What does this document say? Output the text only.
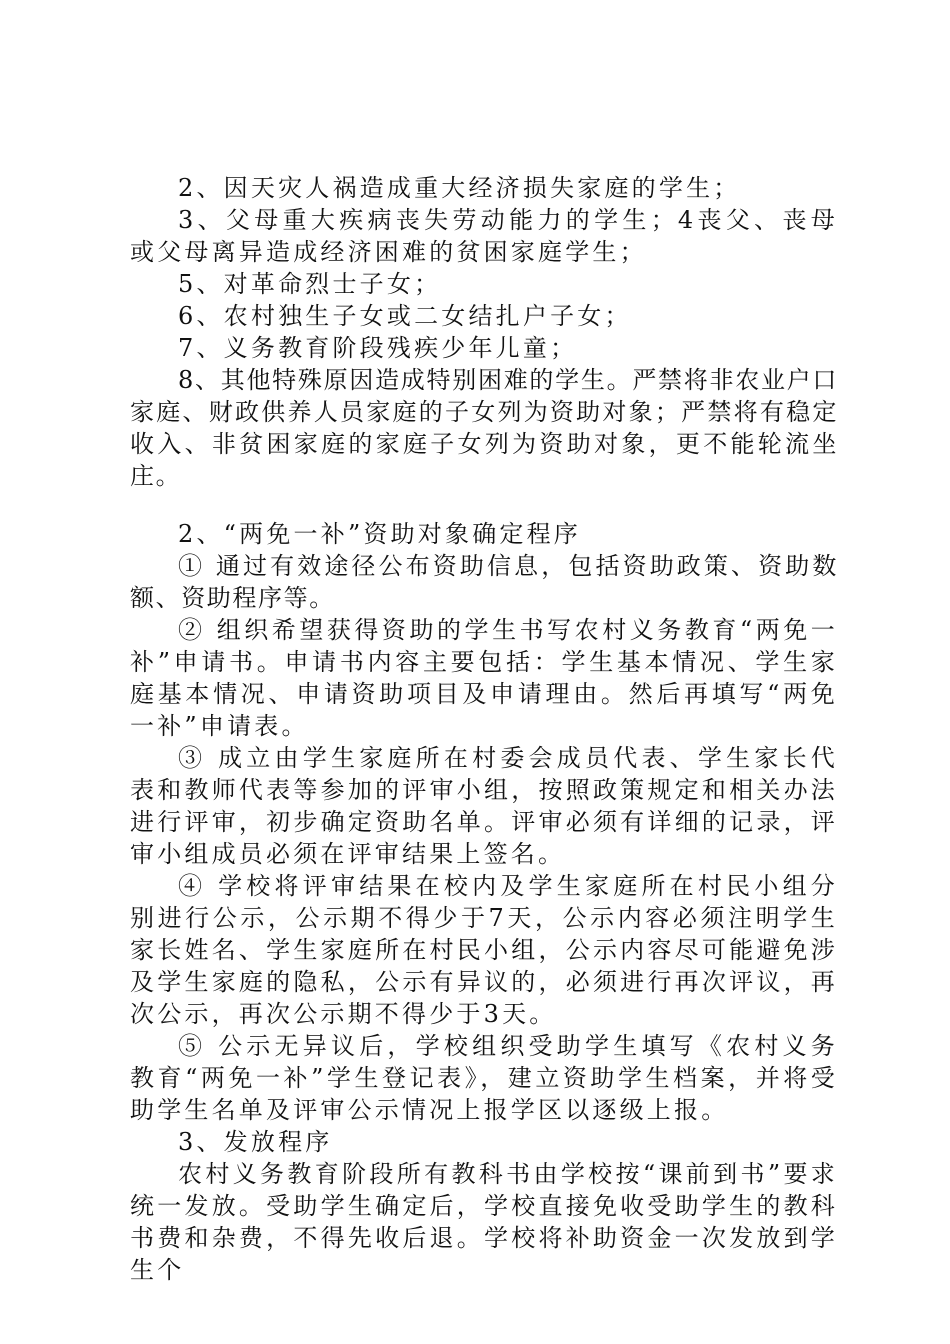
2、因天灾人祸造成重大经济损失家庭的学生；

3、父母重大疾病丧失劳动能力的学生；4丧父、丧母或父母离异造成经济困难的贫困家庭学生；

5、对革命烈士子女；

6、农村独生子女或二女结扎户子女；

7、义务教育阶段残疾少年儿童；

8、其他特殊原因造成特别困难的学生。严禁将非农业户口家庭、财政供养人员家庭的子女列为资助对象；严禁将有稳定收入、非贫困家庭的家庭子女列为资助对象，更不能轮流坐庄。

2、“两免一补”资助对象确定程序

① 通过有效途径公布资助信息，包括资助政策、资助数额、资助程序等。

② 组织希望获得资助的学生书写农村义务教育“两免一补”申请书。申请书内容主要包括：学生基本情况、学生家庭基本情况、申请资助项目及申请理由。然后再填写“两免一补”申请表。

③ 成立由学生家庭所在村委会成员代表、学生家长代表和教师代表等参加的评审小组，按照政策规定和相关办法进行评审，初步确定资助名单。评审必须有详细的记录，评审小组成员必须在评审结果上签名。

④ 学校将评审结果在校内及学生家庭所在村民小组分别进行公示，公示期不得少于7天，公示内容必须注明学生家长姓名、学生家庭所在村民小组，公示内容尽可能避免涉及学生家庭的隐私，公示有异议的，必须进行再次评议，再次公示，再次公示期不得少于3天。

⑤ 公示无异议后，学校组织受助学生填写《农村义务教育“两免一补”学生登记表》，建立资助学生档案，并将受助学生名单及评审公示情况上报学区以逐级上报。

3、发放程序

农村义务教育阶段所有教科书由学校按“课前到书”要求统一发放。受助学生确定后，学校直接免收受助学生的教科书费和杂费，不得先收后退。学校将补助资金一次发放到学生个
